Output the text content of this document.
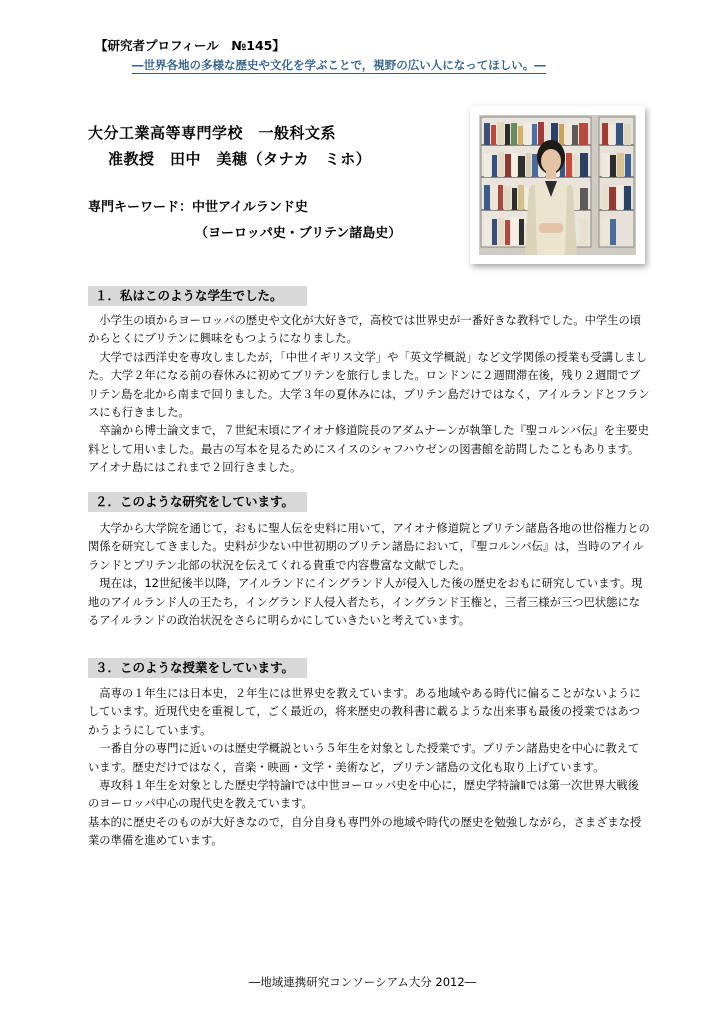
【研究者プロフィール　№145】
―世界各地の多様な歴史や文化を学ぶことで，視野の広い人になってほしい。―
大分工業高等専門学校　一般科文系
准教授　田中　美穂（タナカ　ミホ）
専門キーワード：中世アイルランド史
（ヨーロッパ史・ブリテン諸島史）
１．私はこのような学生でした。

　小学生の頃からヨーロッパの歴史や文化が大好きで，高校では世界史が一番好きな教科でした。中学生の頃からとくにブリテンに興味をもつようになりました。

　大学では西洋史を専攻しましたが，「中世イギリス文学」や「英文学概説」など文学関係の授業も受講しました。大学２年になる前の春休みに初めてブリテンを旅行しました。ロンドンに２週間滞在後，残り２週間でブリテン島を北から南まで回りました。大学３年の夏休みには，ブリテン島だけではなく，アイルランドとフランスにも行きました。

　卒論から博士論文まで，７世紀末頃にアイオナ修道院長のアダムナーンが執筆した『聖コルンバ伝』を主要史料として用いました。最古の写本を見るためにスイスのシャフハウゼンの図書館を訪問したこともあります。アイオナ島にはこれまで２回行きました。

２．このような研究をしています。

　大学から大学院を通じて，おもに聖人伝を史料に用いて，アイオナ修道院とブリテン諸島各地の世俗権力との関係を研究してきました。史料が少ない中世初期のブリテン諸島において，『聖コルンバ伝』は，当時のアイルランドとブリテン北部の状況を伝えてくれる貴重で内容豊富な文献でした。

　現在は，12世紀後半以降，アイルランドにイングランド人が侵入した後の歴史をおもに研究しています。現地のアイルランド人の王たち，イングランド人侵入者たち，イングランド王権と，三者三様が三つ巴状態になるアイルランドの政治状況をさらに明らかにしていきたいと考えています。

３．このような授業をしています。

　高専の１年生には日本史，２年生には世界史を教えています。ある地域やある時代に偏ることがないようにしています。近現代史を重視して，ごく最近の，将来歴史の教科書に載るような出来事も最後の授業ではあつかうようにしています。

　一番自分の専門に近いのは歴史学概説という５年生を対象とした授業です。ブリテン諸島史を中心に教えています。歴史だけではなく，音楽・映画・文学・美術など，ブリテン諸島の文化も取り上げています。

　専攻科１年生を対象とした歴史学特論Ⅰでは中世ヨーロッパ史を中心に，歴史学特論Ⅱでは第一次世界大戦後のヨーロッパ中心の現代史を教えています。

基本的に歴史そのものが大好きなので，自分自身も専門外の地域や時代の歴史を勉強しながら，さまざまな授業の準備を進めています。

―地域連携研究コンソーシアム大分 2012―
